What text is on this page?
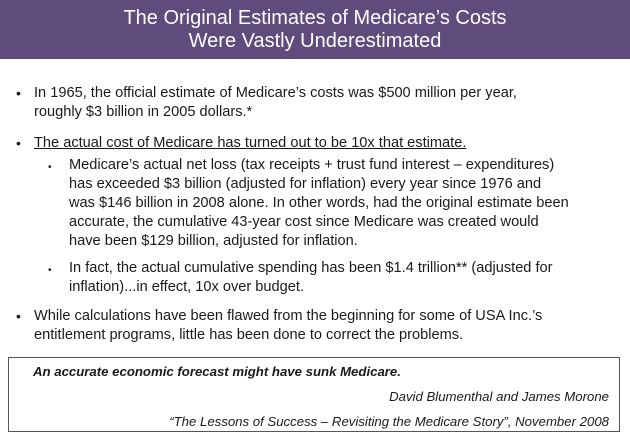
The Original Estimates of Medicare’s Costs
Were Vastly Underestimated
• In 1965, the official estimate of Medicare’s costs was $500 million per year,
roughly $3 billion in 2005 dollars.*
• The actual cost of Medicare has turned out to be 10x that estimate.
•	Medicare’s actual net loss (tax receipts + trust fund interest – expenditures)
has exceeded $3 billion (adjusted for inflation) every year since 1976 and
was $146 billion in 2008 alone. In other words, had the original estimate been
accurate, the cumulative 43-year cost since Medicare was created would
have been $129 billion, adjusted for inflation.
•	In fact, the actual cumulative spending has been $1.4 trillion** (adjusted for
inflation)...in effect, 10x over budget.
• While calculations have been flawed from the beginning for some of USA Inc.’s
entitlement programs, little has been done to correct the problems.
An accurate economic forecast might have sunk Medicare.
David Blumenthal and James Morone
“The Lessons of Success – Revisiting the Medicare Story”, November 2008
